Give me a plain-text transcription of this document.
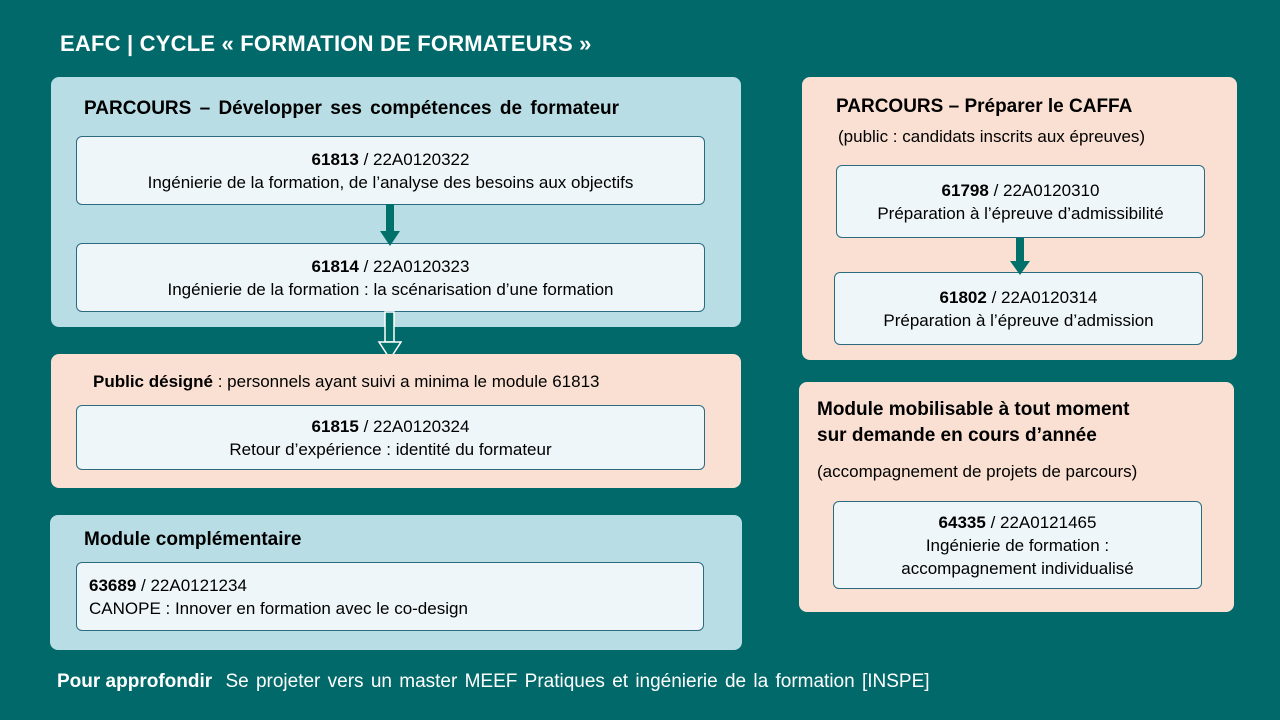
EAFC | CYCLE « FORMATION DE FORMATEURS »
PARCOURS – Développer ses compétences de formateur
61813 / 22A0120322
Ingénierie de la formation, de l’analyse des besoins aux objectifs
61814 / 22A0120323
Ingénierie de la formation : la scénarisation d’une formation
Public désigné : personnels ayant suivi a minima le module 61813
61815 / 22A0120324
Retour d’expérience : identité du formateur
Module complémentaire
63689 / 22A0121234
CANOPE : Innover en formation avec le co-design
PARCOURS – Préparer le CAFFA
(public : candidats inscrits aux épreuves)
61798 / 22A0120310
Préparation à l’épreuve d’admissibilité
61802 / 22A0120314
Préparation à l’épreuve d’admission
Module mobilisable à tout moment
sur demande en cours d’année
(accompagnement de projets de parcours)
64335 / 22A0121465
Ingénierie de formation :
accompagnement individualisé
Pour approfondir Se projeter vers un master MEEF Pratiques et ingénierie de la formation [INSPE]
